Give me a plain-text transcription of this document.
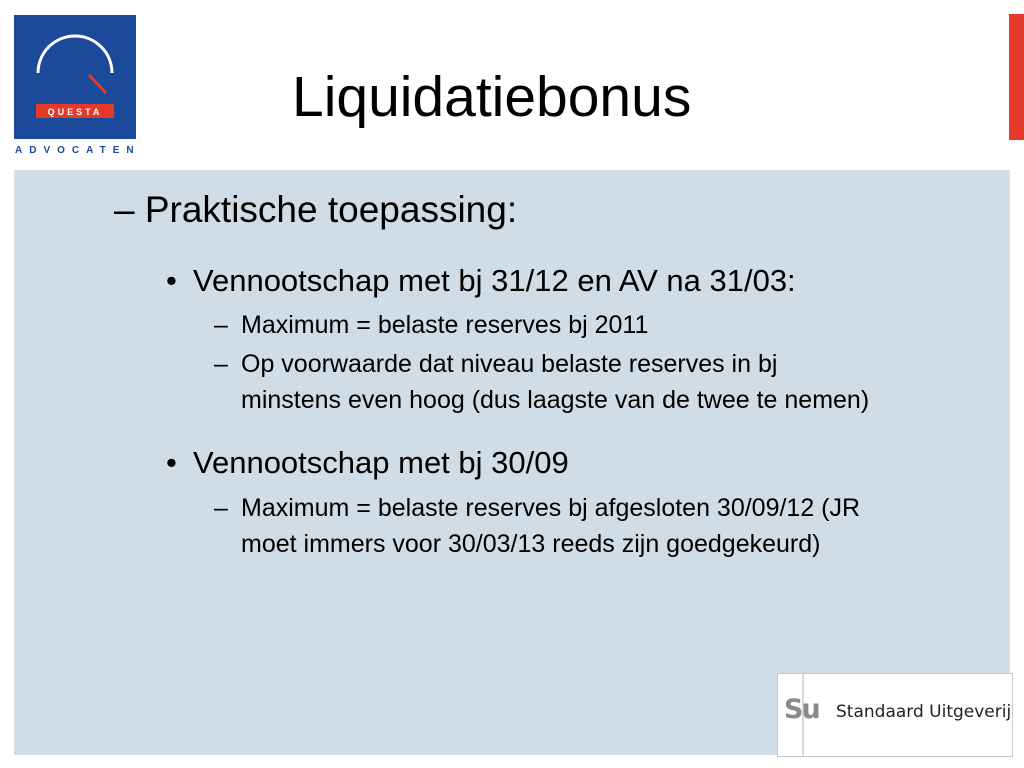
QUESTA
ADVOCATEN
Liquidatiebonus
– Praktische toepassing:
• Vennootschap met bj 31/12 en AV na 31/03:
– Maximum = belaste reserves bj 2011
– Op voorwaarde dat niveau belaste reserves in bj
minstens even hoog (dus laagste van de twee te nemen)
• Vennootschap met bj 30/09
– Maximum = belaste reserves bj afgesloten 30/09/12 (JR
moet immers voor 30/03/13 reeds zijn goedgekeurd)
Su Standaard Uitgeverij
